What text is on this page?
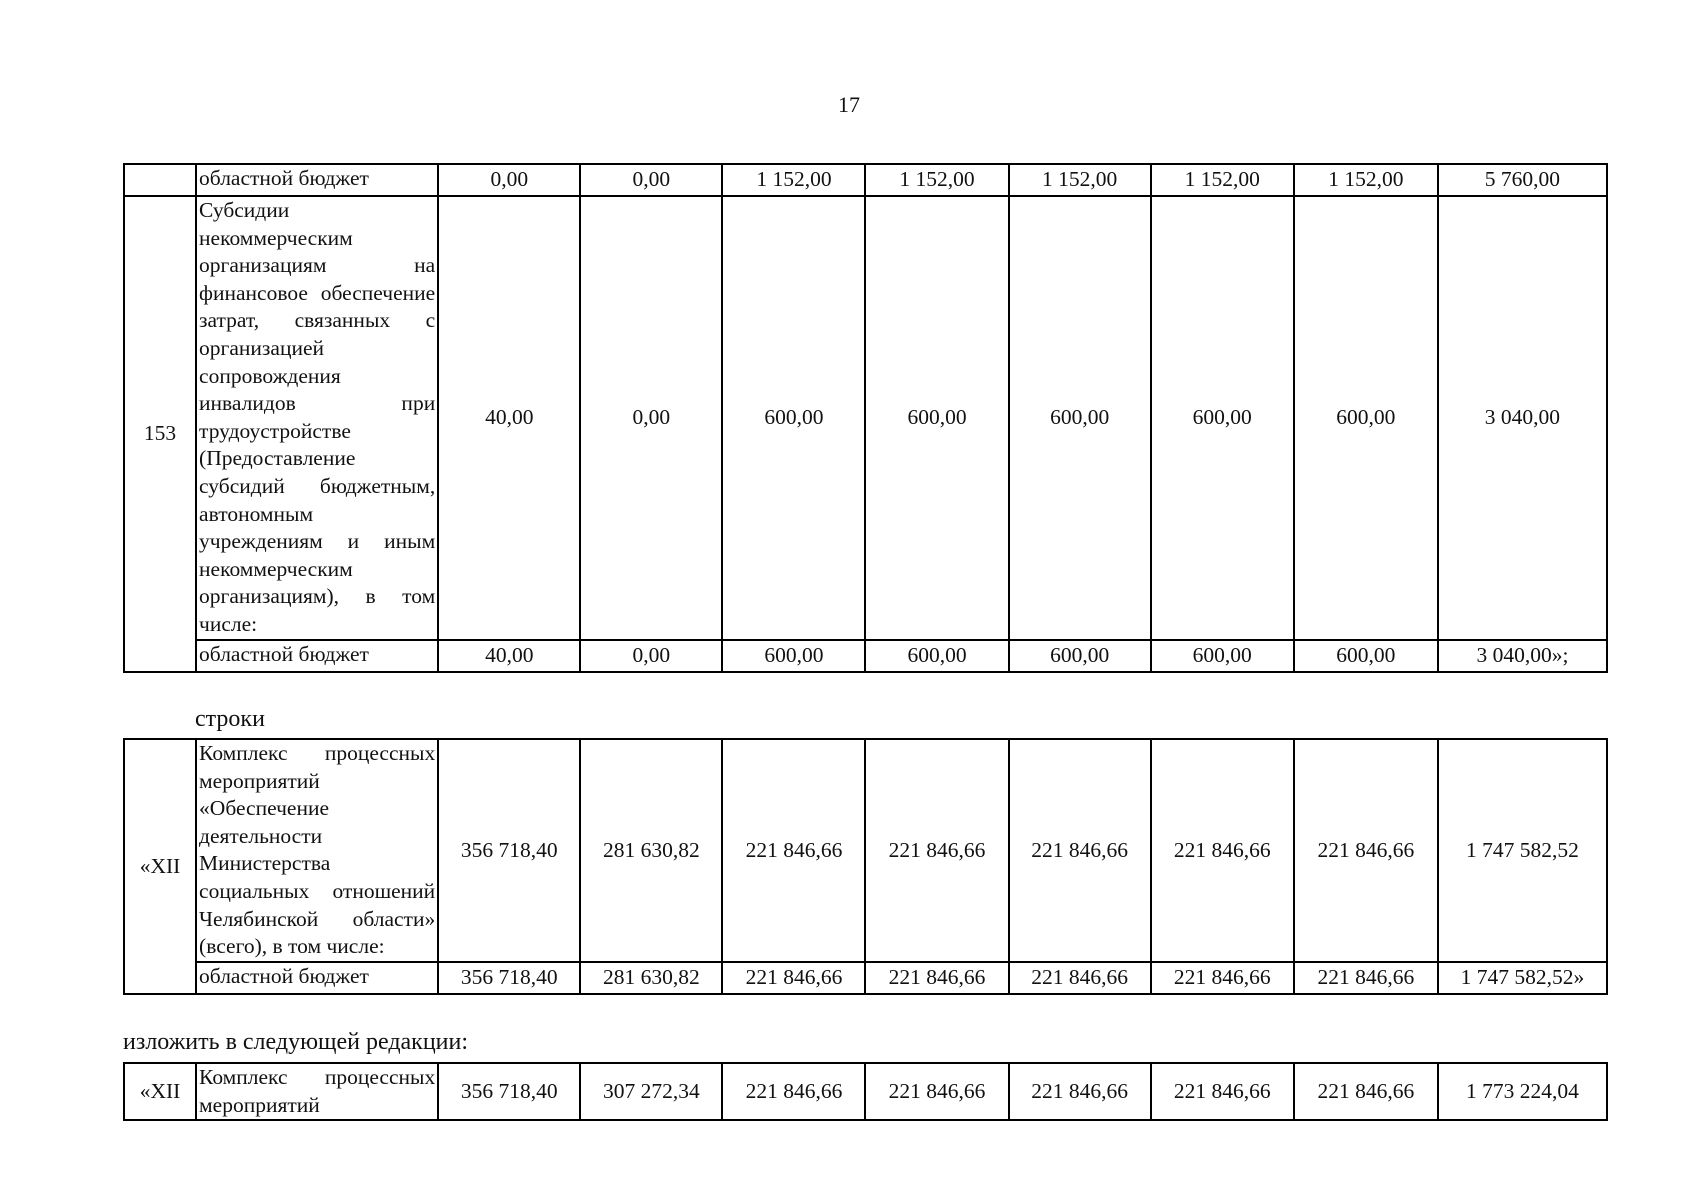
17
	областной бюджет	0,00	0,00	1 152,00	1 152,00	1 152,00	1 152,00	1 152,00	5 760,00
153	Субсидии некоммерческим организациям на финансовое обеспечение затрат, связанных с организацией сопровождения инвалидов при трудоустройстве (Предоставление субсидий бюджетным, автономным учреждениям и иным некоммерческим организациям), в том числе:	40,00	0,00	600,00	600,00	600,00	600,00	600,00	3 040,00
	областной бюджет	40,00	0,00	600,00	600,00	600,00	600,00	600,00	3 040,00»;
строки
«XII	Комплекс процессных мероприятий «Обеспечение деятельности Министерства социальных отношений Челябинской области» (всего), в том числе:	356 718,40	281 630,82	221 846,66	221 846,66	221 846,66	221 846,66	221 846,66	1 747 582,52
	областной бюджет	356 718,40	281 630,82	221 846,66	221 846,66	221 846,66	221 846,66	221 846,66	1 747 582,52»
изложить в следующей редакции:
«XII	Комплекс процессных мероприятий	356 718,40	307 272,34	221 846,66	221 846,66	221 846,66	221 846,66	221 846,66	1 773 224,04
